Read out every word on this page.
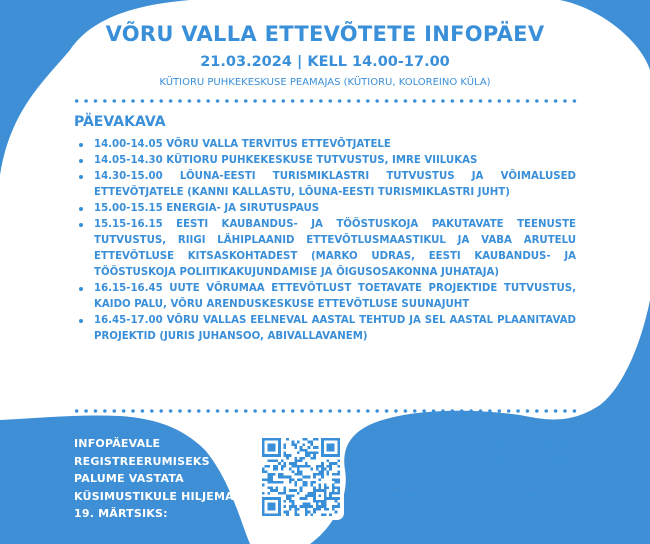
VÕRU VALLA ETTEVÕTETE INFOPÄEV
21.03.2024 | KELL 14.00-17.00
KÜTIORU PUHKEKESKUSE PEAMAJAS (KÜTIORU, KOLOREINO KÜLA)
PÄEVAKAVA
14.00-14.05 VÕRU VALLA TERVITUS ETTEVÕTJATELE
14.05-14.30 KÜTIORU PUHKEKESKUSE TUTVUSTUS, IMRE VIILUKAS
14.30-15.00 LÕUNA-EESTI TURISMIKLASTRI TUTVUSTUS JA VÕIMALUSED ETTEVÕTJATELE (KANNI KALLASTU, LÕUNA-EESTI TURISMIKLASTRI JUHT)
15.00-15.15 ENERGIA- JA SIRUTUSPAUS
15.15-16.15 EESTI KAUBANDUS- JA TÖÖSTUSKOJA PAKUTAVATE TEENUSTE TUTVUSTUS, RIIGI LÄHIPLAANID ETTEVÕTLUSMAASTIKUL JA VABA ARUTELU ETTEVÕTLUSE KITSASKOHTADEST (MARKO UDRAS, EESTI KAUBANDUS- JA TÖÖSTUSKOJA POLIITIKAKUJUNDAMISE JA ÕIGUSOSAKONNA JUHATAJA)
16.15-16.45 UUTE VÕRUMAA ETTEVÕTLUST TOETAVATE PROJEKTIDE TUTVUSTUS, KAIDO PALU, VÕRU ARENDUSKESKUSE ETTEVÕTLUSE SUUNAJUHT
16.45-17.00 VÕRU VALLAS EELNEVAL AASTAL TEHTUD JA SEL AASTAL PLAANITAVAD PROJEKTID (JURIS JUHANSOO, ABIVALLAVANEM)
INFOPÄEVALE
REGISTREERUMISEKS
PALUME VASTATA
KÜSIMUSTIKULE HILJEMALT
19. MÄRTSIKS:
TÄPSEM INFO:
MERLE TSIRK
ARENDUSSPETSIALIST
MERLE.TSIRK@VORUVALD.EE
524 5631
